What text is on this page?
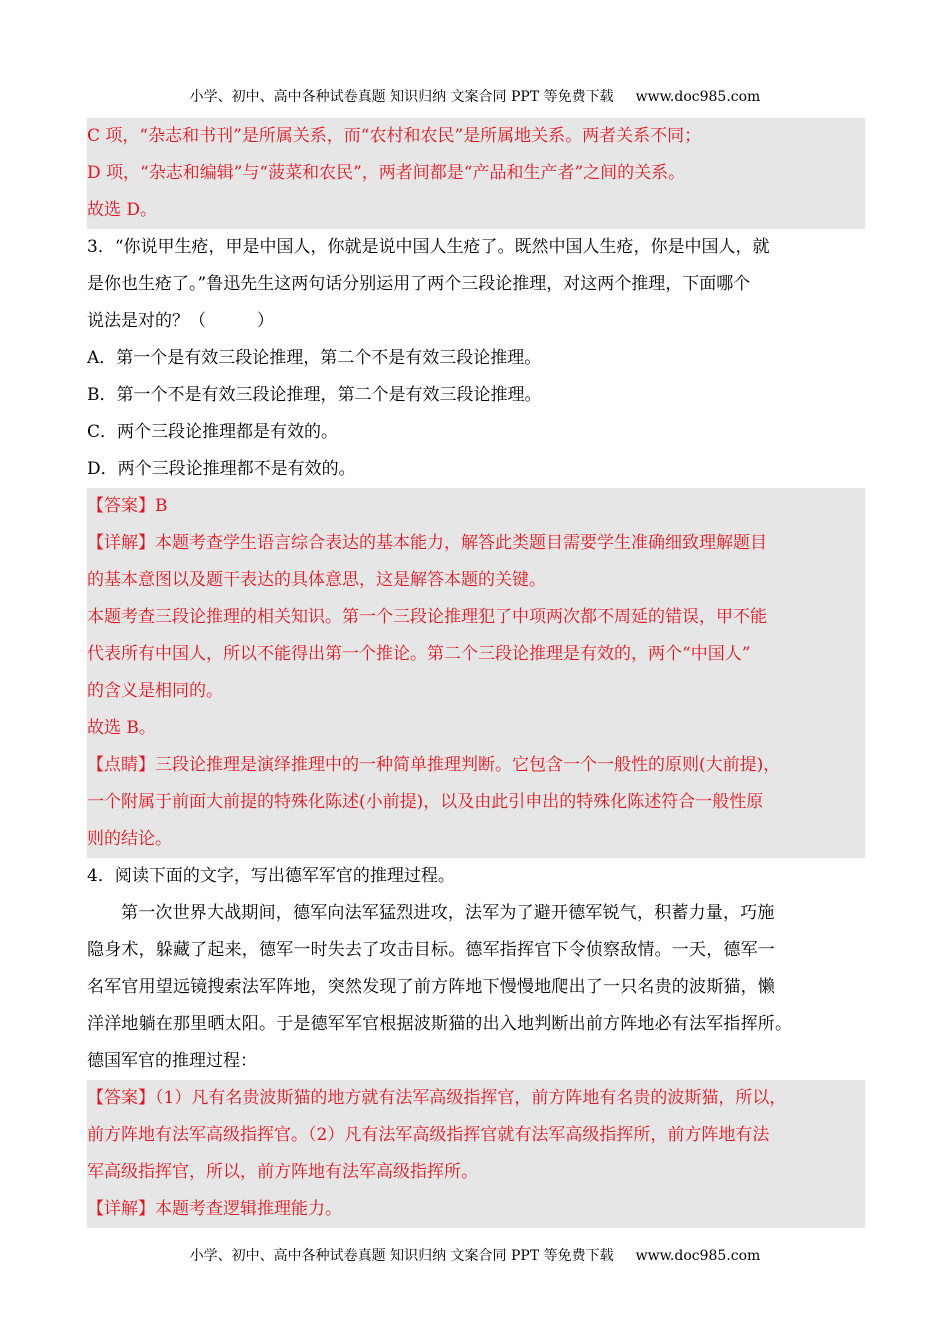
小学、初中、高中各种试卷真题 知识归纳 文案合同 PPT 等免费下载 www.doc985.com
C 项，“杂志和书刊”是所属关系，而“农村和农民”是所属地关系。两者关系不同；
D 项，“杂志和编辑”与“菠菜和农民”，两者间都是“产品和生产者”之间的关系。
故选 D。
3．“你说甲生疮，甲是中国人，你就是说中国人生疮了。既然中国人生疮，你是中国人，就
是你也生疮了。”鲁迅先生这两句话分别运用了两个三段论推理，对这两个推理，下面哪个
说法是对的？（　　　）
A．第一个是有效三段论推理，第二个不是有效三段论推理。
B．第一个不是有效三段论推理，第二个是有效三段论推理。
C．两个三段论推理都是有效的。
D．两个三段论推理都不是有效的。
【答案】B
【详解】本题考查学生语言综合表达的基本能力，解答此类题目需要学生准确细致理解题目
的基本意图以及题干表达的具体意思，这是解答本题的关键。
本题考查三段论推理的相关知识。第一个三段论推理犯了中项两次都不周延的错误，甲不能
代表所有中国人，所以不能得出第一个推论。第二个三段论推理是有效的，两个“中国人”
的含义是相同的。
故选 B。
【点睛】三段论推理是演绎推理中的一种简单推理判断。它包含一个一般性的原则(大前提)，
一个附属于前面大前提的特殊化陈述(小前提)，以及由此引申出的特殊化陈述符合一般性原
则的结论。
4．阅读下面的文字，写出德军军官的推理过程。
第一次世界大战期间，德军向法军猛烈进攻，法军为了避开德军锐气，积蓄力量，巧施
隐身术，躲藏了起来，德军一时失去了攻击目标。德军指挥官下令侦察敌情。一天，德军一
名军官用望远镜搜索法军阵地，突然发现了前方阵地下慢慢地爬出了一只名贵的波斯猫，懒
洋洋地躺在那里晒太阳。于是德军军官根据波斯猫的出入地判断出前方阵地必有法军指挥所。
德国军官的推理过程：
【答案】（1）凡有名贵波斯猫的地方就有法军高级指挥官，前方阵地有名贵的波斯猫，所以，
前方阵地有法军高级指挥官。（2）凡有法军高级指挥官就有法军高级指挥所，前方阵地有法
军高级指挥官，所以，前方阵地有法军高级指挥所。
【详解】本题考查逻辑推理能力。
小学、初中、高中各种试卷真题 知识归纳 文案合同 PPT 等免费下载 www.doc985.com
